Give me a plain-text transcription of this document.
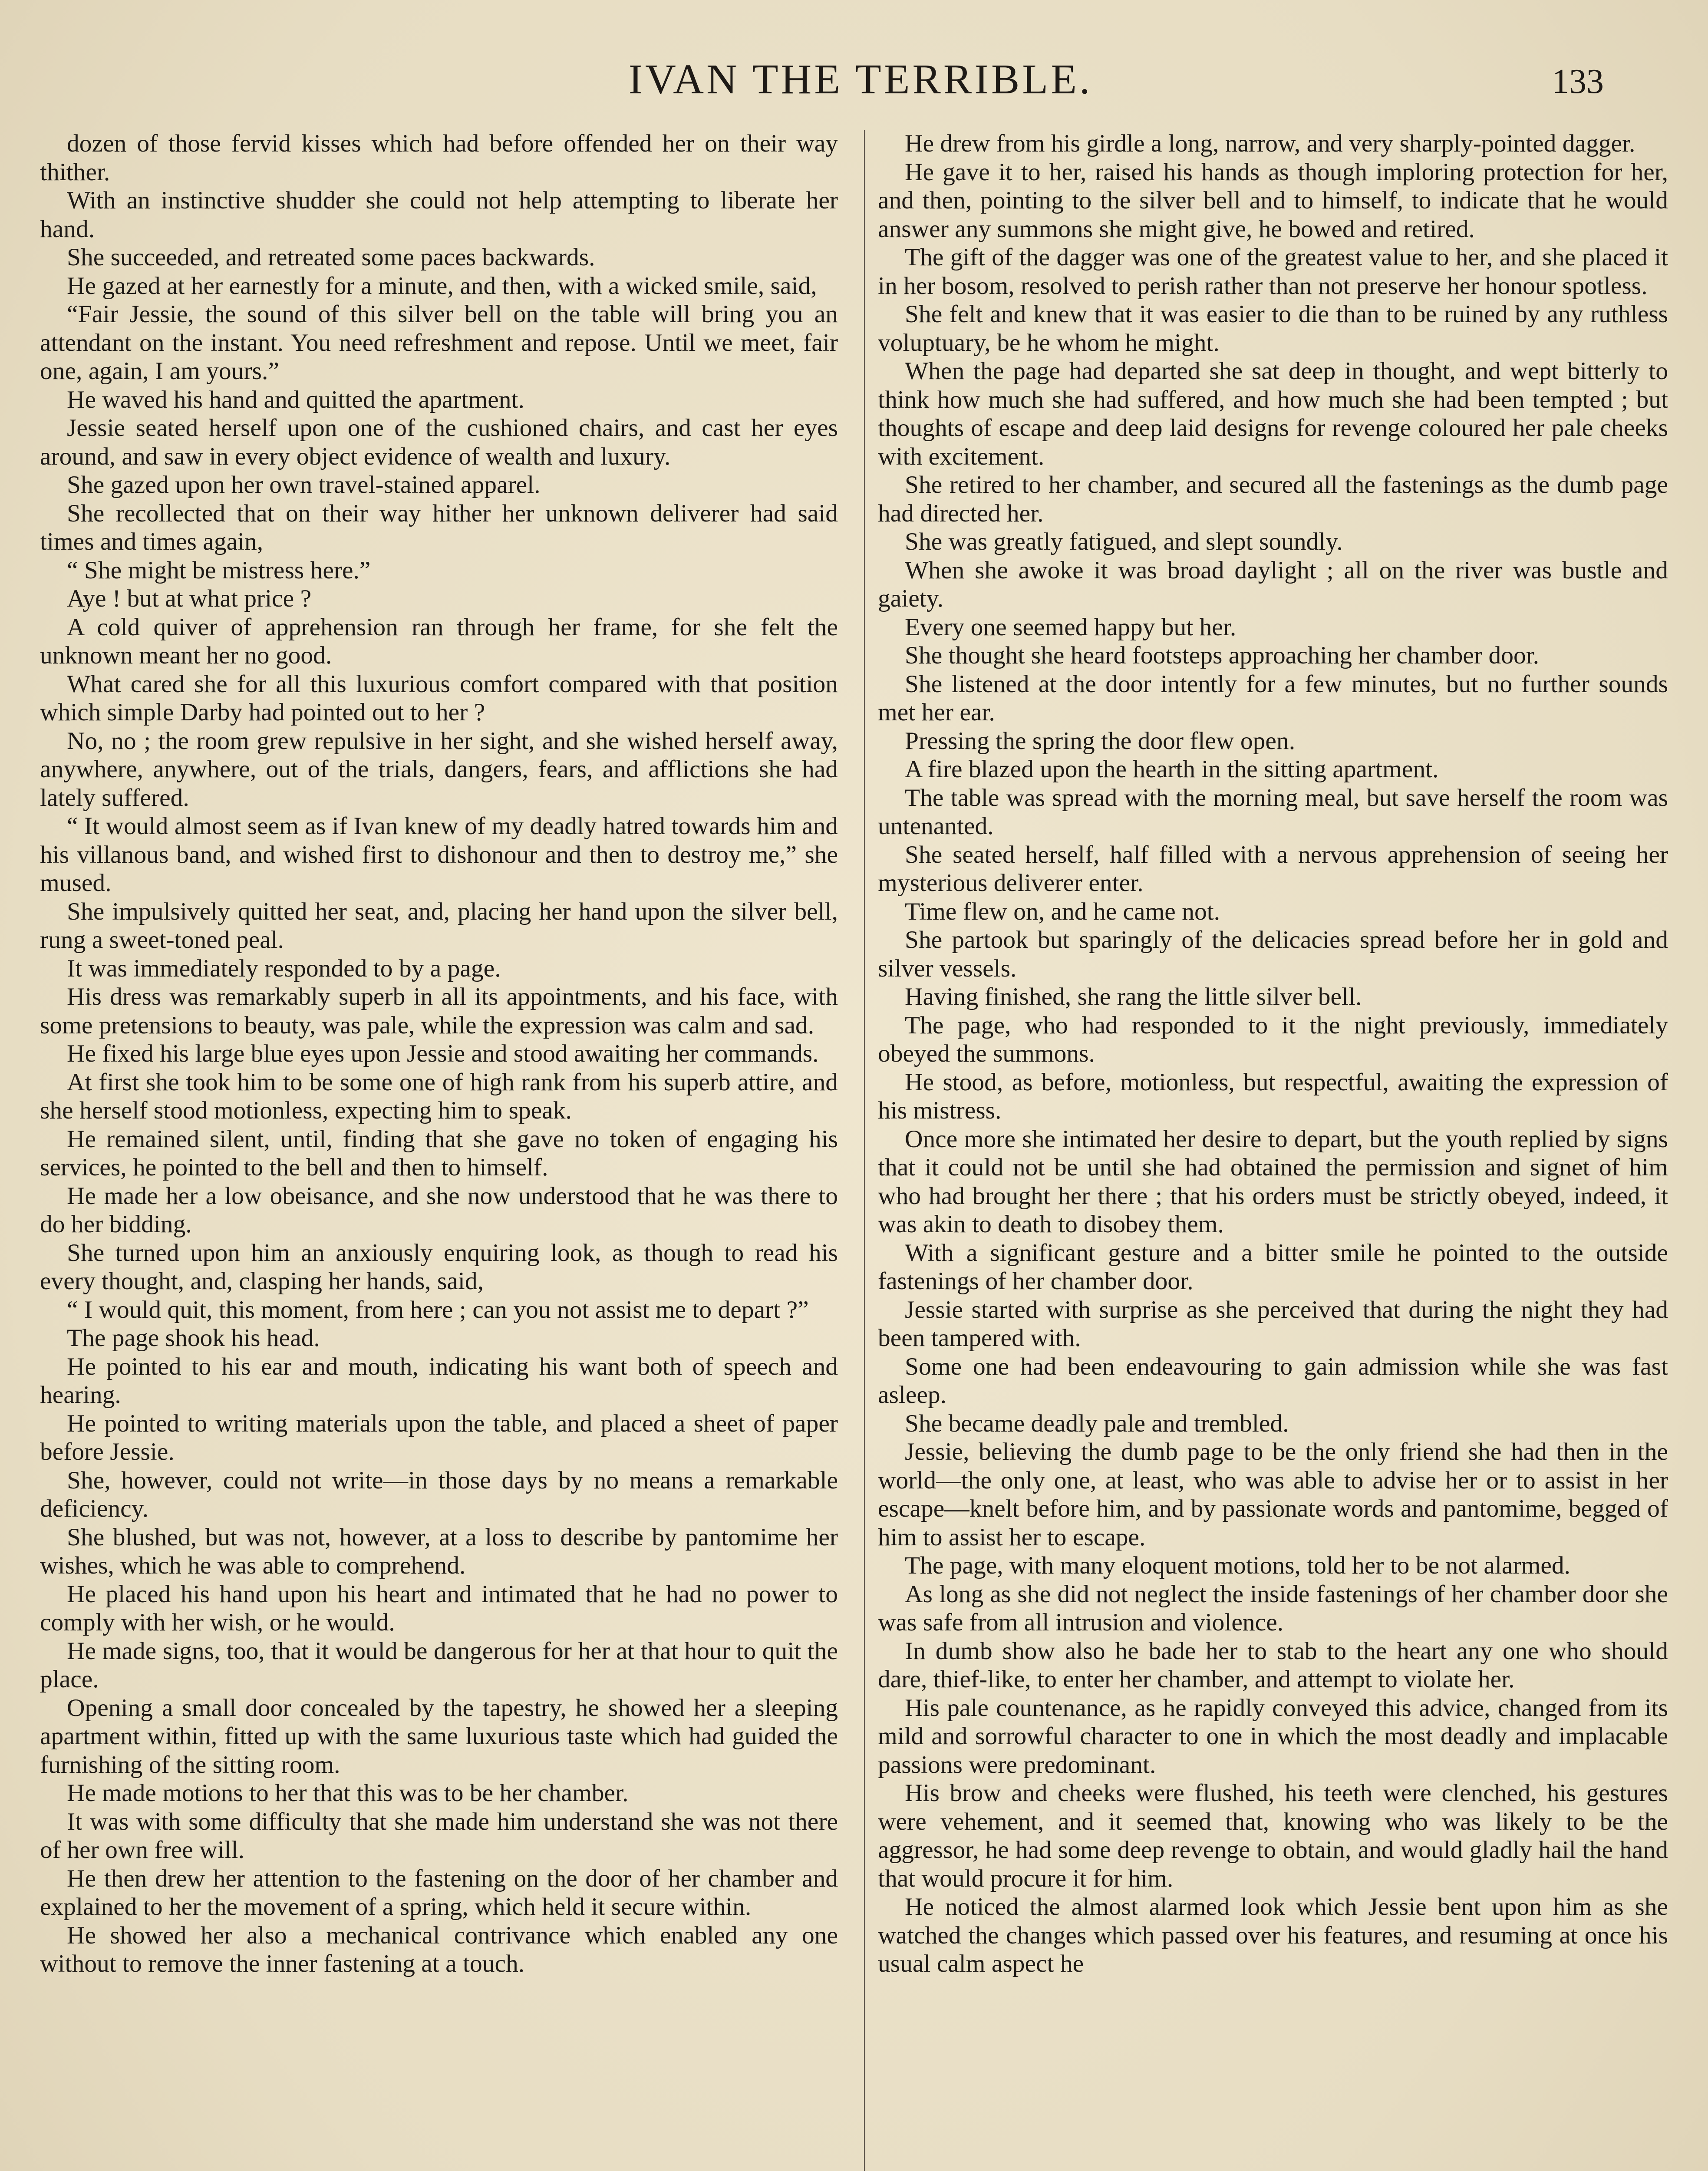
IVAN THE TERRIBLE.	133

dozen of those fervid kisses which had before offended her on their way thither.

With an instinctive shudder she could not help attempting to liberate her hand.

She succeeded, and retreated some paces backwards.

He gazed at her earnestly for a minute, and then, with a wicked smile, said,

“Fair Jessie, the sound of this silver bell on the table will bring you an attendant on the instant. You need refreshment and repose. Until we meet, fair one, again, I am yours.”

He waved his hand and quitted the apartment.

Jessie seated herself upon one of the cushioned chairs, and cast her eyes around, and saw in every object evidence of wealth and luxury.

She gazed upon her own travel-stained apparel.

She recollected that on their way hither her unknown deliverer had said times and times again,

“ She might be mistress here.”

Aye ! but at what price ?

A cold quiver of apprehension ran through her frame, for she felt the unknown meant her no good.

What cared she for all this luxurious comfort compared with that position which simple Darby had pointed out to her ?

No, no ; the room grew repulsive in her sight, and she wished herself away, anywhere, anywhere, out of the trials, dangers, fears, and afflictions she had lately suffered.

“ It would almost seem as if Ivan knew of my deadly hatred towards him and his villanous band, and wished first to dishonour and then to destroy me,” she mused.

She impulsively quitted her seat, and, placing her hand upon the silver bell, rung a sweet-toned peal.

It was immediately responded to by a page.

His dress was remarkably superb in all its appointments, and his face, with some pretensions to beauty, was pale, while the expression was calm and sad.

He fixed his large blue eyes upon Jessie and stood awaiting her commands.

At first she took him to be some one of high rank from his superb attire, and she herself stood motionless, expecting him to speak.

He remained silent, until, finding that she gave no token of engaging his services, he pointed to the bell and then to himself.

He made her a low obeisance, and she now understood that he was there to do her bidding.

She turned upon him an anxiously enquiring look, as though to read his every thought, and, clasping her hands, said,

“ I would quit, this moment, from here ; can you not assist me to depart ?”

The page shook his head.

He pointed to his ear and mouth, indicating his want both of speech and hearing.

He pointed to writing materials upon the table, and placed a sheet of paper before Jessie.

She, however, could not write—in those days by no means a remarkable deficiency.

She blushed, but was not, however, at a loss to describe by pantomime her wishes, which he was able to comprehend.

He placed his hand upon his heart and intimated that he had no power to comply with her wish, or he would.

He made signs, too, that it would be dangerous for her at that hour to quit the place.

Opening a small door concealed by the tapestry, he showed her a sleeping apartment within, fitted up with the same luxurious taste which had guided the furnishing of the sitting room.

He made motions to her that this was to be her chamber.

It was with some difficulty that she made him understand she was not there of her own free will.

He then drew her attention to the fastening on the door of her chamber and explained to her the movement of a spring, which held it secure within.

He showed her also a mechanical contrivance which enabled any one without to remove the inner fastening at a touch.

He drew from his girdle a long, narrow, and very sharply-pointed dagger.

He gave it to her, raised his hands as though imploring protection for her, and then, pointing to the silver bell and to himself, to indicate that he would answer any summons she might give, he bowed and retired.

The gift of the dagger was one of the greatest value to her, and she placed it in her bosom, resolved to perish rather than not preserve her honour spotless.

She felt and knew that it was easier to die than to be ruined by any ruthless voluptuary, be he whom he might.

When the page had departed she sat deep in thought, and wept bitterly to think how much she had suffered, and how much she had been tempted ; but thoughts of escape and deep laid designs for revenge coloured her pale cheeks with excitement.

She retired to her chamber, and secured all the fastenings as the dumb page had directed her.

She was greatly fatigued, and slept soundly.

When she awoke it was broad daylight ; all on the river was bustle and gaiety.

Every one seemed happy but her.

She thought she heard footsteps approaching her chamber door.

She listened at the door intently for a few minutes, but no further sounds met her ear.

Pressing the spring the door flew open.

A fire blazed upon the hearth in the sitting apartment.

The table was spread with the morning meal, but save herself the room was untenanted.

She seated herself, half filled with a nervous apprehension of seeing her mysterious deliverer enter.

Time flew on, and he came not.

She partook but sparingly of the delicacies spread before her in gold and silver vessels.

Having finished, she rang the little silver bell.

The page, who had responded to it the night previously, immediately obeyed the summons.

He stood, as before, motionless, but respectful, awaiting the expression of his mistress.

Once more she intimated her desire to depart, but the youth replied by signs that it could not be until she had obtained the permission and signet of him who had brought her there ; that his orders must be strictly obeyed, indeed, it was akin to death to disobey them.

With a significant gesture and a bitter smile he pointed to the outside fastenings of her chamber door.

Jessie started with surprise as she perceived that during the night they had been tampered with.

Some one had been endeavouring to gain admission while she was fast asleep.

She became deadly pale and trembled.

Jessie, believing the dumb page to be the only friend she had then in the world—the only one, at least, who was able to advise her or to assist in her escape—knelt before him, and by passionate words and pantomime, begged of him to assist her to escape.

The page, with many eloquent motions, told her to be not alarmed.

As long as she did not neglect the inside fastenings of her chamber door she was safe from all intrusion and violence.

In dumb show also he bade her to stab to the heart any one who should dare, thief-like, to enter her chamber, and attempt to violate her.

His pale countenance, as he rapidly conveyed this advice, changed from its mild and sorrowful character to one in which the most deadly and implacable passions were predominant.

His brow and cheeks were flushed, his teeth were clenched, his gestures were vehement, and it seemed that, knowing who was likely to be the aggressor, he had some deep revenge to obtain, and would gladly hail the hand that would procure it for him.

He noticed the almost alarmed look which Jessie bent upon him as she watched the changes which passed over his features, and resuming at once his usual calm aspect he
